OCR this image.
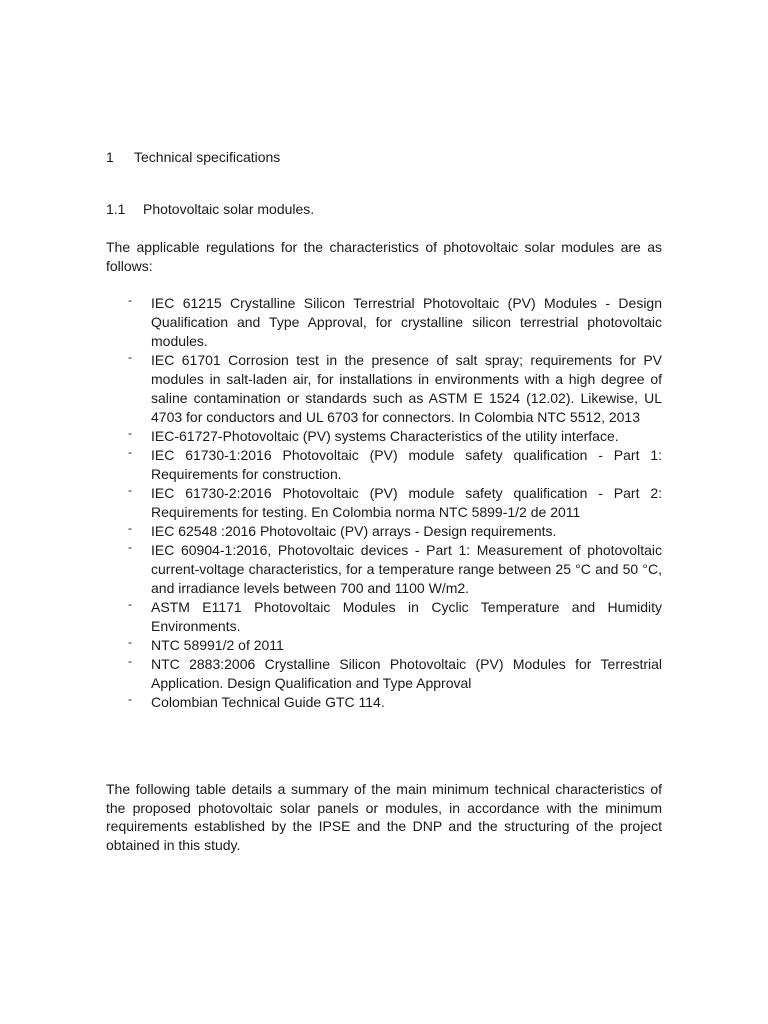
1	Technical specifications
1.1	Photovoltaic solar modules.

The applicable regulations for the characteristics of photovoltaic solar modules are as follows:

- IEC 61215 Crystalline Silicon Terrestrial Photovoltaic (PV) Modules - Design Qualification and Type Approval, for crystalline silicon terrestrial photovoltaic modules.
- IEC 61701 Corrosion test in the presence of salt spray; requirements for PV modules in salt-laden air, for installations in environments with a high degree of saline contamination or standards such as ASTM E 1524 (12.02). Likewise, UL 4703 for conductors and UL 6703 for connectors. In Colombia NTC 5512, 2013
- IEC-61727-Photovoltaic (PV) systems Characteristics of the utility interface.
- IEC 61730-1:2016 Photovoltaic (PV) module safety qualification - Part 1: Requirements for construction.
- IEC 61730-2:2016 Photovoltaic (PV) module safety qualification - Part 2: Requirements for testing. En Colombia norma NTC 5899-1/2 de 2011
- IEC 62548 :2016 Photovoltaic (PV) arrays - Design requirements.
- IEC 60904-1:2016, Photovoltaic devices - Part 1: Measurement of photovoltaic current-voltage characteristics, for a temperature range between 25 °C and 50 °C, and irradiance levels between 700 and 1100 W/m2.
- ASTM E1171 Photovoltaic Modules in Cyclic Temperature and Humidity Environments.
- NTC 58991/2 of 2011
- NTC 2883:2006 Crystalline Silicon Photovoltaic (PV) Modules for Terrestrial Application. Design Qualification and Type Approval
- Colombian Technical Guide GTC 114.

The following table details a summary of the main minimum technical characteristics of the proposed photovoltaic solar panels or modules, in accordance with the minimum requirements established by the IPSE and the DNP and the structuring of the project obtained in this study.
